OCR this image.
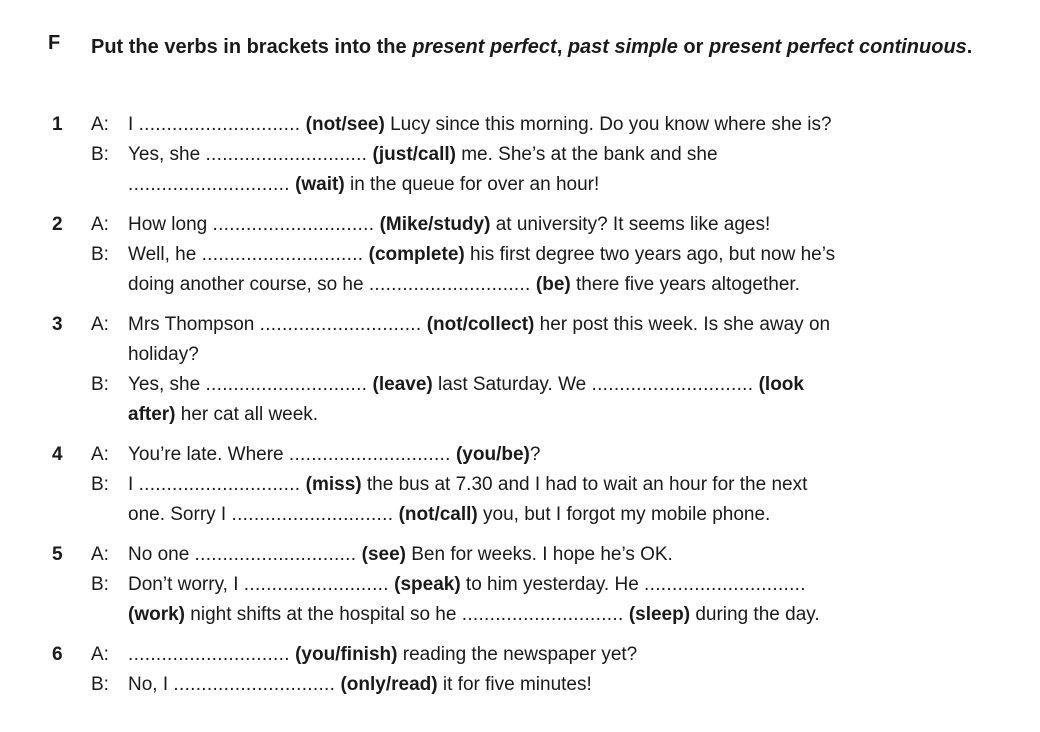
F Put the verbs in brackets into the present perfect, past simple or present perfect continuous.
1 A: I ............................. (not/see) Lucy since this morning. Do you know where she is?
B: Yes, she ............................. (just/call) me. She’s at the bank and she
............................. (wait) in the queue for over an hour!
2 A: How long ............................. (Mike/study) at university? It seems like ages!
B: Well, he ............................. (complete) his first degree two years ago, but now he’s
doing another course, so he ............................. (be) there five years altogether.
3 A: Mrs Thompson ............................. (not/collect) her post this week. Is she away on
holiday?
B: Yes, she ............................. (leave) last Saturday. We ............................. (look
after) her cat all week.
4 A: You’re late. Where ............................. (you/be)?
B: I ............................. (miss) the bus at 7.30 and I had to wait an hour for the next
one. Sorry I ............................. (not/call) you, but I forgot my mobile phone.
5 A: No one ............................. (see) Ben for weeks. I hope he’s OK.
B: Don’t worry, I .......................... (speak) to him yesterday. He .............................
(work) night shifts at the hospital so he ............................. (sleep) during the day.
6 A: ............................. (you/finish) reading the newspaper yet?
B: No, I ............................. (only/read) it for five minutes!
